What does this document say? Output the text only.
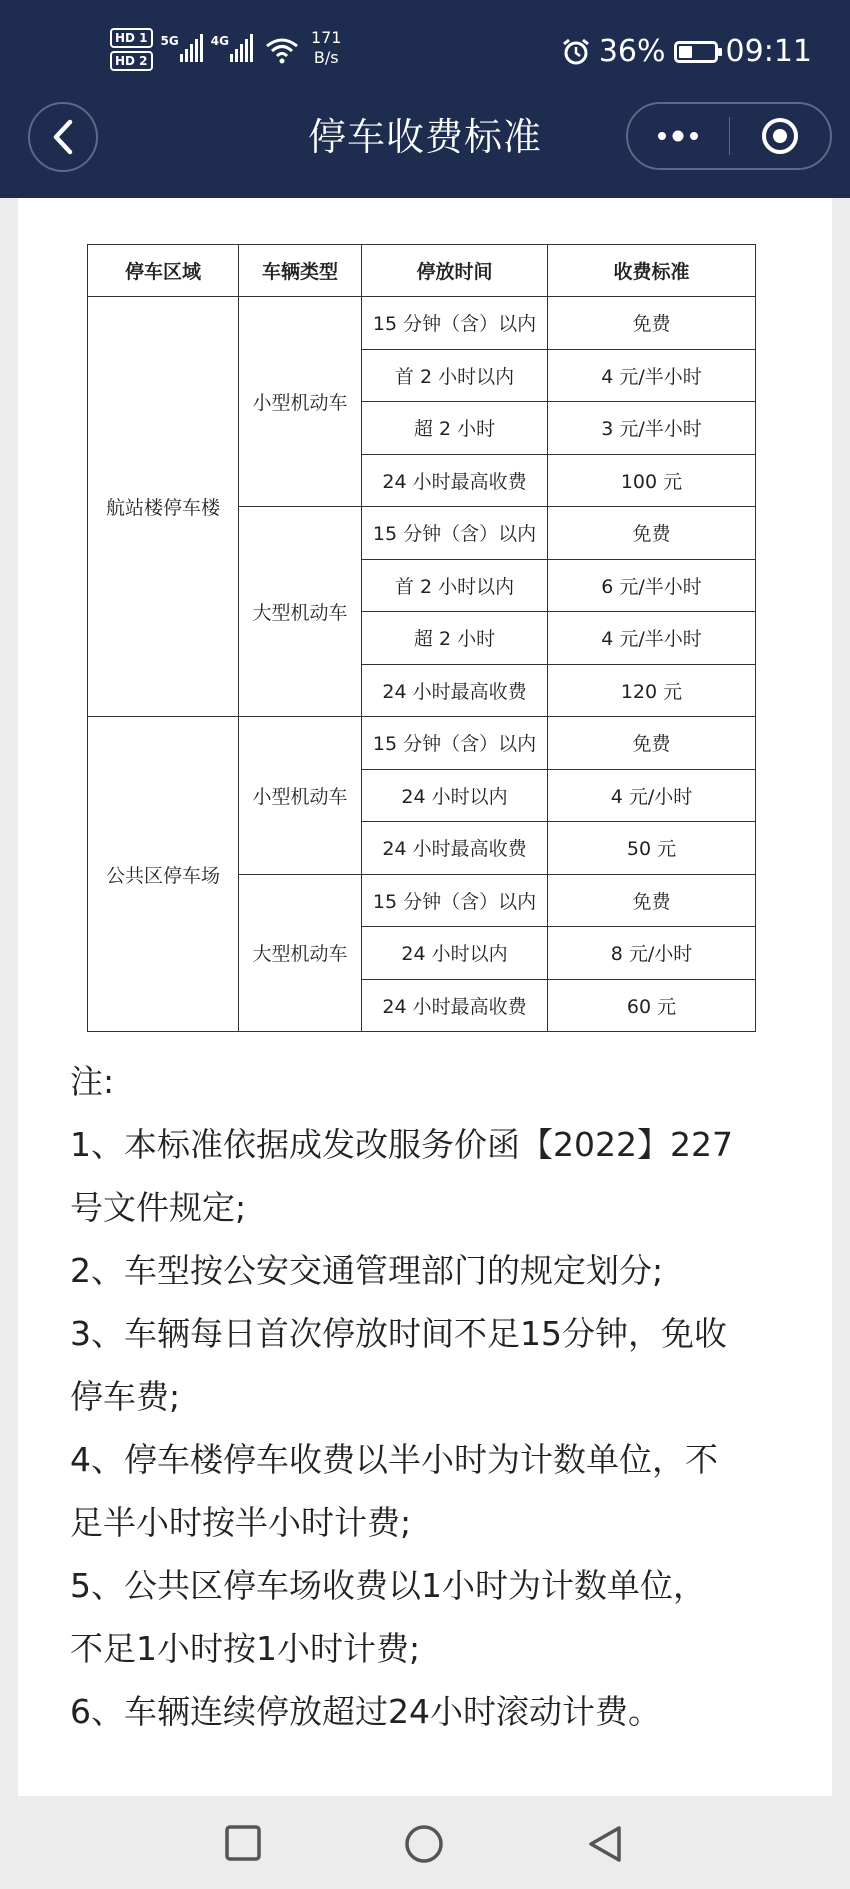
HD 1
HD 2
5G	4G	171
B/s	36% 09:11
停车收费标准
停车区域	车辆类型	停放时间	收费标准
航站楼停车楼	小型机动车	15 分钟（含）以内	免费
		首 2 小时以内	4 元/半小时
		超 2 小时	3 元/半小时
		24 小时最高收费	100 元
	大型机动车	15 分钟（含）以内	免费
		首 2 小时以内	6 元/半小时
		超 2 小时	4 元/半小时
		24 小时最高收费	120 元
公共区停车场	小型机动车	15 分钟（含）以内	免费
		24 小时以内	4 元/小时
		24 小时最高收费	50 元
	大型机动车	15 分钟（含）以内	免费
		24 小时以内	8 元/小时
		24 小时最高收费	60 元

注:

1、本标准依据成发改服务价函【2022】227

号文件规定;

2、车型按公安交通管理部门的规定划分;

3、车辆每日首次停放时间不足15分钟，免收

停车费;

4、停车楼停车收费以半小时为计数单位，不

足半小时按半小时计费;

5、公共区停车场收费以1小时为计数单位，

不足1小时按1小时计费;

6、车辆连续停放超过24小时滚动计费。
